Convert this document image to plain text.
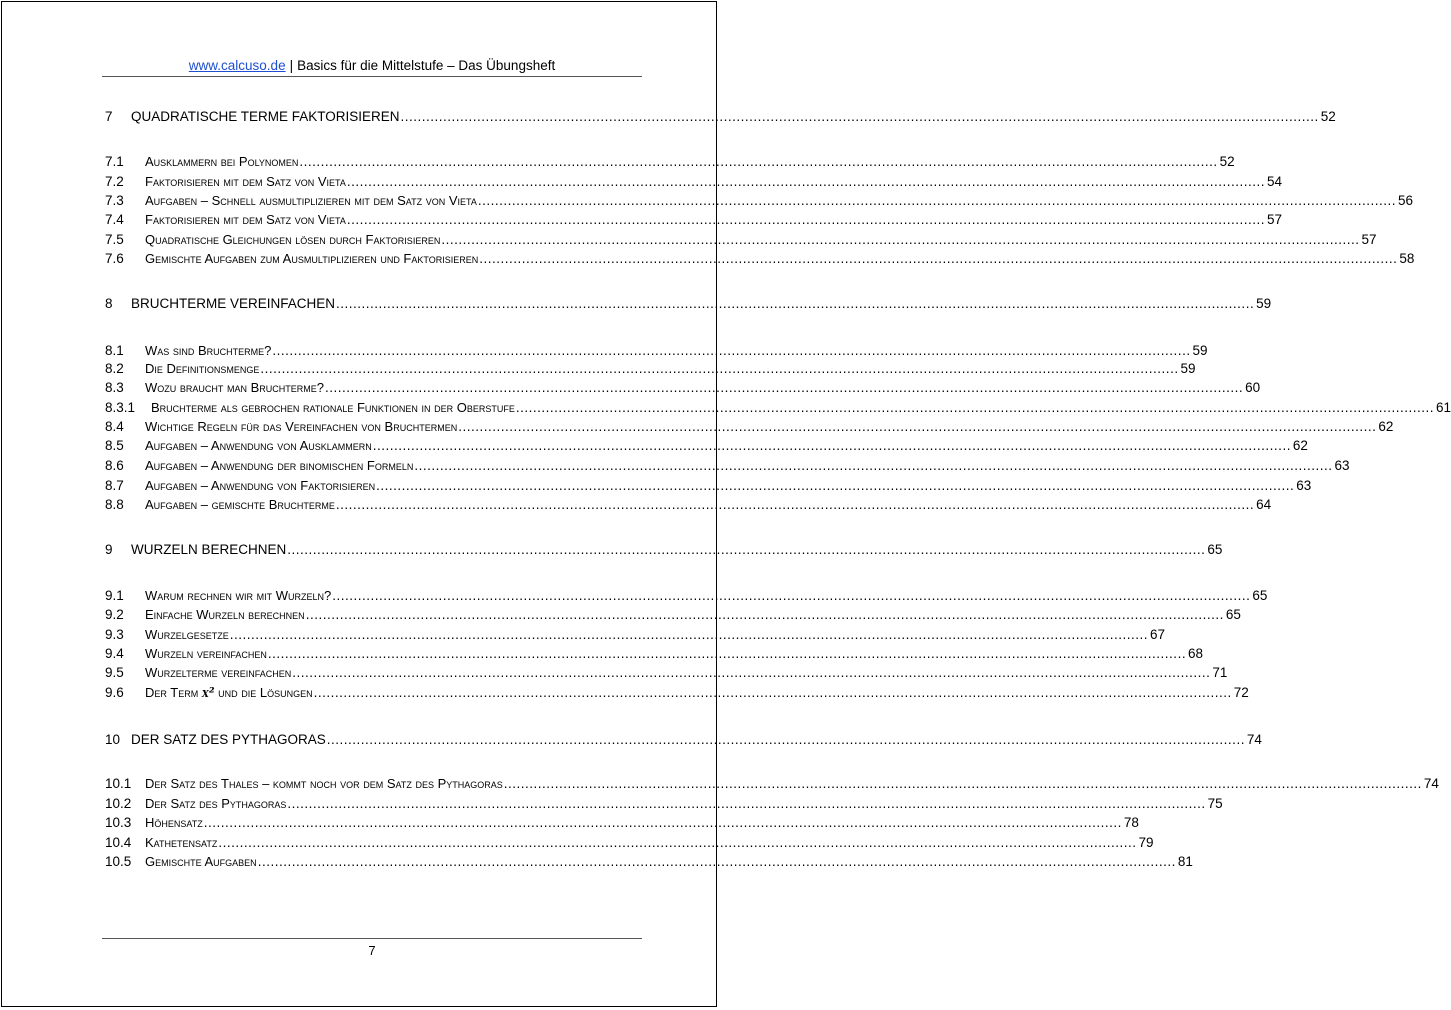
www.calcuso.de | Basics für die Mittelstufe – Das Übungsheft
7	QUADRATISCHE TERME FAKTORISIEREN .....	52
7.1	Ausklammern bei Polynomen .....	52
7.2	Faktorisieren mit dem Satz von Vieta .....	54
7.3	Aufgaben – Schnell ausmultiplizieren mit dem Satz von Vieta .....	56
7.4	Faktorisieren mit dem Satz von Vieta .....	57
7.5	Quadratische Gleichungen lösen durch Faktorisieren .....	57
7.6	Gemischte Aufgaben zum Ausmultiplizieren und Faktorisieren .....	58
8	BRUCHTERME VEREINFACHEN .....	59
8.1	Was sind Bruchterme? .....	59
8.2	Die Definitionsmenge .....	59
8.3	Wozu braucht man Bruchterme? .....	60
8.3.1	Bruchterme als gebrochen rationale Funktionen in der Oberstufe .....	61
8.4	Wichtige Regeln für das Vereinfachen von Bruchtermen .....	62
8.5	Aufgaben – Anwendung von Ausklammern .....	62
8.6	Aufgaben – Anwendung der binomischen Formeln .....	63
8.7	Aufgaben – Anwendung von Faktorisieren .....	63
8.8	Aufgaben – gemischte Bruchterme .....	64
9	WURZELN BERECHNEN .....	65
9.1	Warum rechnen wir mit Wurzeln? .....	65
9.2	Einfache Wurzeln berechnen .....	65
9.3	Wurzelgesetze .....	67
9.4	Wurzeln vereinfachen .....	68
9.5	Wurzelterme vereinfachen .....	71
9.6	Der Term x² und die Lösungen .....	72
10 DER SATZ DES PYTHAGORAS .....	74
10.1	Der Satz des Thales – kommt noch vor dem Satz des Pythagoras .....	74
10.2	Der Satz des Pythagoras .....	75
10.3	Höhensatz .....	78
10.4	Kathetensatz .....	79
10.5	Gemischte Aufgaben .....	81
7
